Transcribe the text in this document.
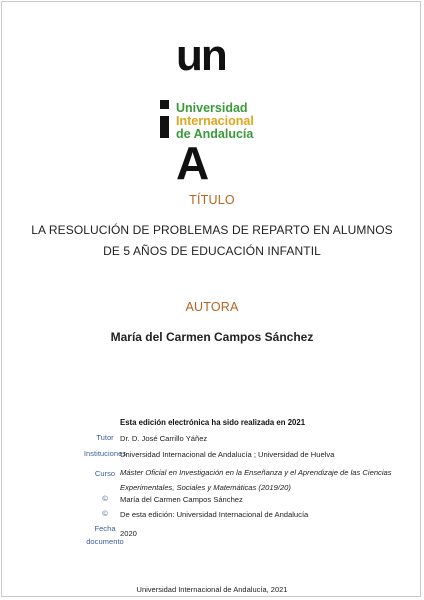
un
Universidad
Internacional
de Andalucía
A
TÍTULO
LA RESOLUCIÓN DE PROBLEMAS DE REPARTO EN ALUMNOS
DE 5 AÑOS DE EDUCACIÓN INFANTIL
AUTORA
María del Carmen Campos Sánchez
Esta edición electrónica ha sido realizada en 2021
Tutor Dr. D. José Carrillo Yáñez
Instituciones
Universidad Internacional de Andalucía ; Universidad de Huelva
Curso Máster Oficial en Investigación en la Enseñanza y el Aprendizaje de las Ciencias Experimentales, Sociales y Matemáticas (2019/20)
©	María del Carmen Campos Sánchez
©	De esta edición: Universidad Internacional de Andalucía
Fecha documento
2020
Universidad Internacional de Andalucía, 2021
